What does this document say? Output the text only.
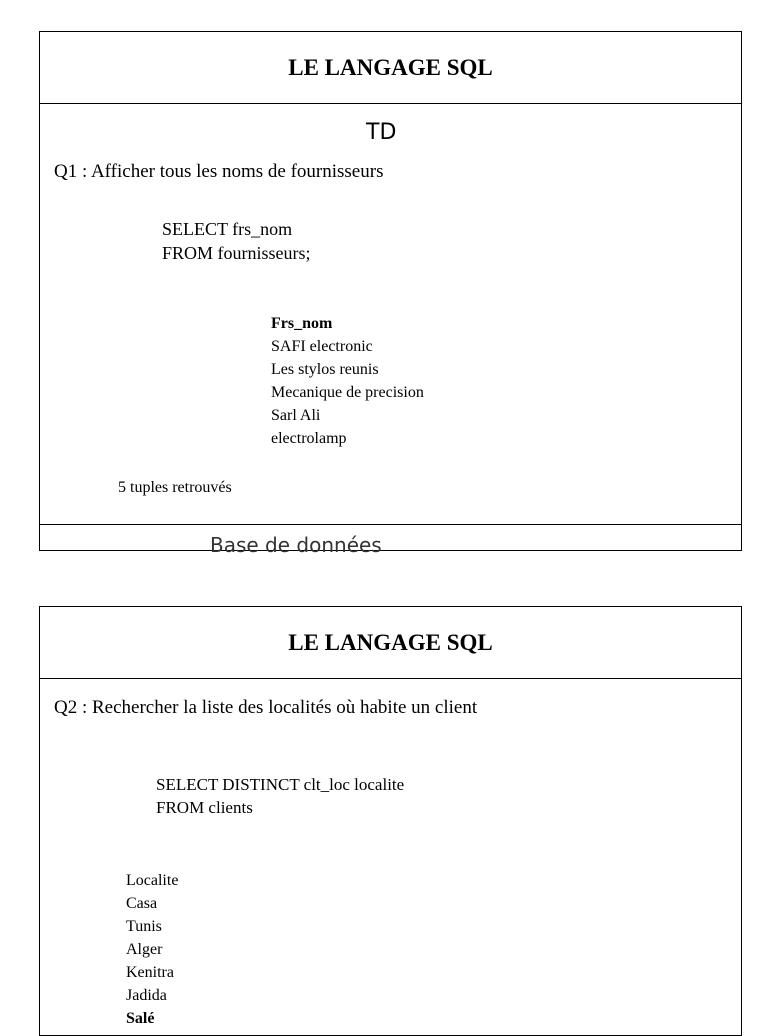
LE LANGAGE SQL
TD
Q1 : Afficher tous les noms de fournisseurs
SELECT frs_nom
FROM fournisseurs;
Frs_nom
SAFI electronic
Les stylos reunis
Mecanique de precision
Sarl Ali
electrolamp
5 tuples retrouvés
Base de données
LE LANGAGE SQL
Q2 : Rechercher la liste des localités où habite un client
SELECT DISTINCT clt_loc localite
FROM clients
Localite
Casa
Tunis
Alger
Kenitra
Jadida
Salé
